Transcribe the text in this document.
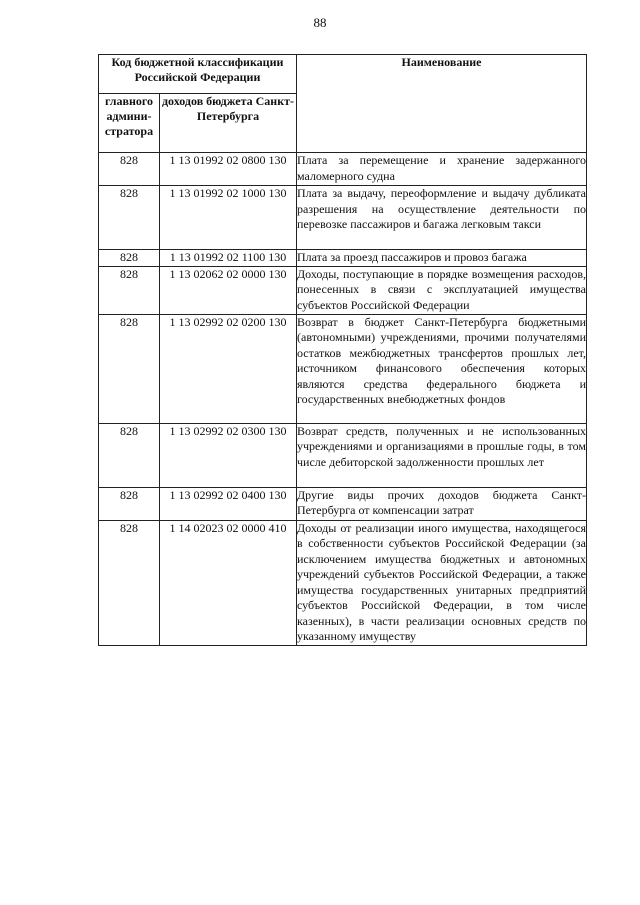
88
Код бюджетной классификации Российской Федерации		Наименование
главного админи-стратора	доходов бюджета Санкт-Петербурга	
828	1 13 01992 02 0800 130	Плата за перемещение и хранение задержанного маломерного судна
828	1 13 01992 02 1000 130	Плата за выдачу, переоформление и выдачу дубликата разрешения на осуществление деятельности по перевозке пассажиров и багажа легковым такси
828	1 13 01992 02 1100 130	Плата за проезд пассажиров и провоз багажа
828	1 13 02062 02 0000 130	Доходы, поступающие в порядке возмещения расходов, понесенных в связи с эксплуатацией имущества субъектов Российской Федерации
828	1 13 02992 02 0200 130	Возврат в бюджет Санкт-Петербурга бюджетными (автономными) учреждениями, прочими получателями остатков межбюджетных трансфертов прошлых лет, источником финансового обеспечения которых являются средства федерального бюджета и государственных внебюджетных фондов
828	1 13 02992 02 0300 130	Возврат средств, полученных и не использованных учреждениями и организациями в прошлые годы, в том числе дебиторской задолженности прошлых лет
828	1 13 02992 02 0400 130	Другие виды прочих доходов бюджета Санкт-Петербурга от компенсации затрат
828	1 14 02023 02 0000 410	Доходы от реализации иного имущества, находящегося в собственности субъектов Российской Федерации (за исключением имущества бюджетных и автономных учреждений субъектов Российской Федерации, а также имущества государственных унитарных предприятий субъектов Российской Федерации, в том числе казенных), в части реализации основных средств по указанному имуществу
